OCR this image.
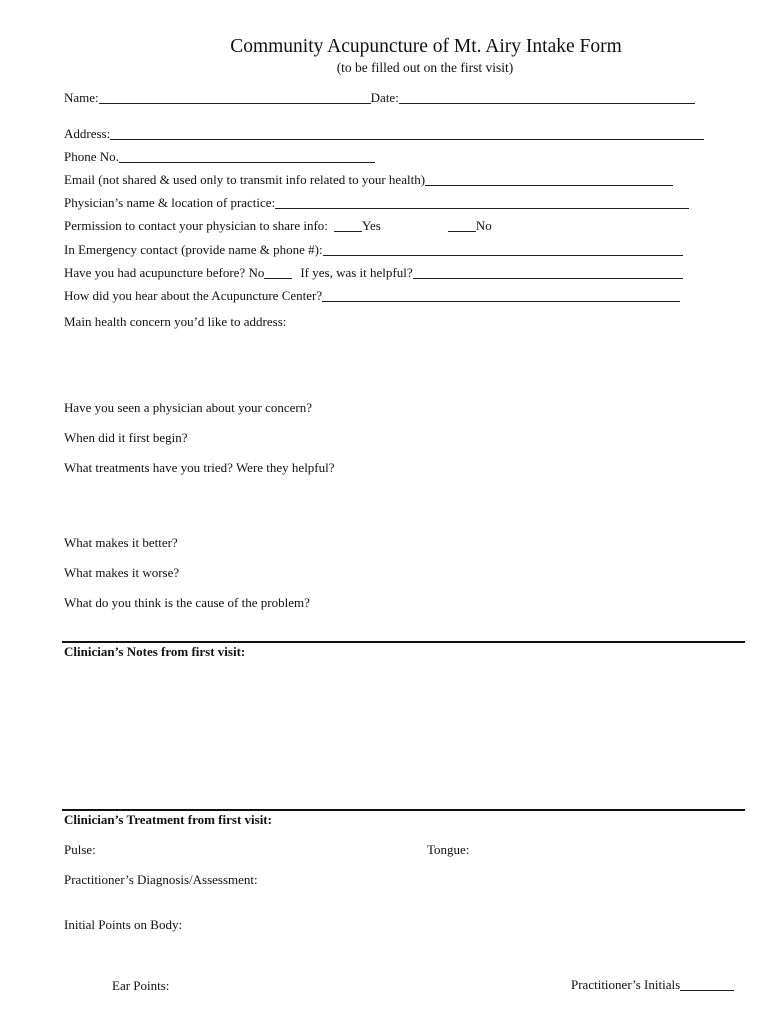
Community Acupuncture of Mt. Airy Intake Form
(to be filled out on the first visit)
Name:	Date:
Address:
Phone No.
Email (not shared & used only to transmit info related to your health)
Physician’s name & location of practice:
Permission to contact your physician to share info:	Yes	No
In Emergency contact (provide name & phone #):
Have you had acupuncture before? No	If yes, was it helpful?
How did you hear about the Acupuncture Center?
Main health concern you’d like to address:
Have you seen a physician about your concern?
When did it first begin?
What treatments have you tried? Were they helpful?
What makes it better?
What makes it worse?
What do you think is the cause of the problem?
Clinician’s Notes from first visit:
Clinician’s Treatment from first visit:
Pulse:	Tongue:
Practitioner’s Diagnosis/Assessment:
Initial Points on Body:
Ear Points:	Practitioner’s Initials
